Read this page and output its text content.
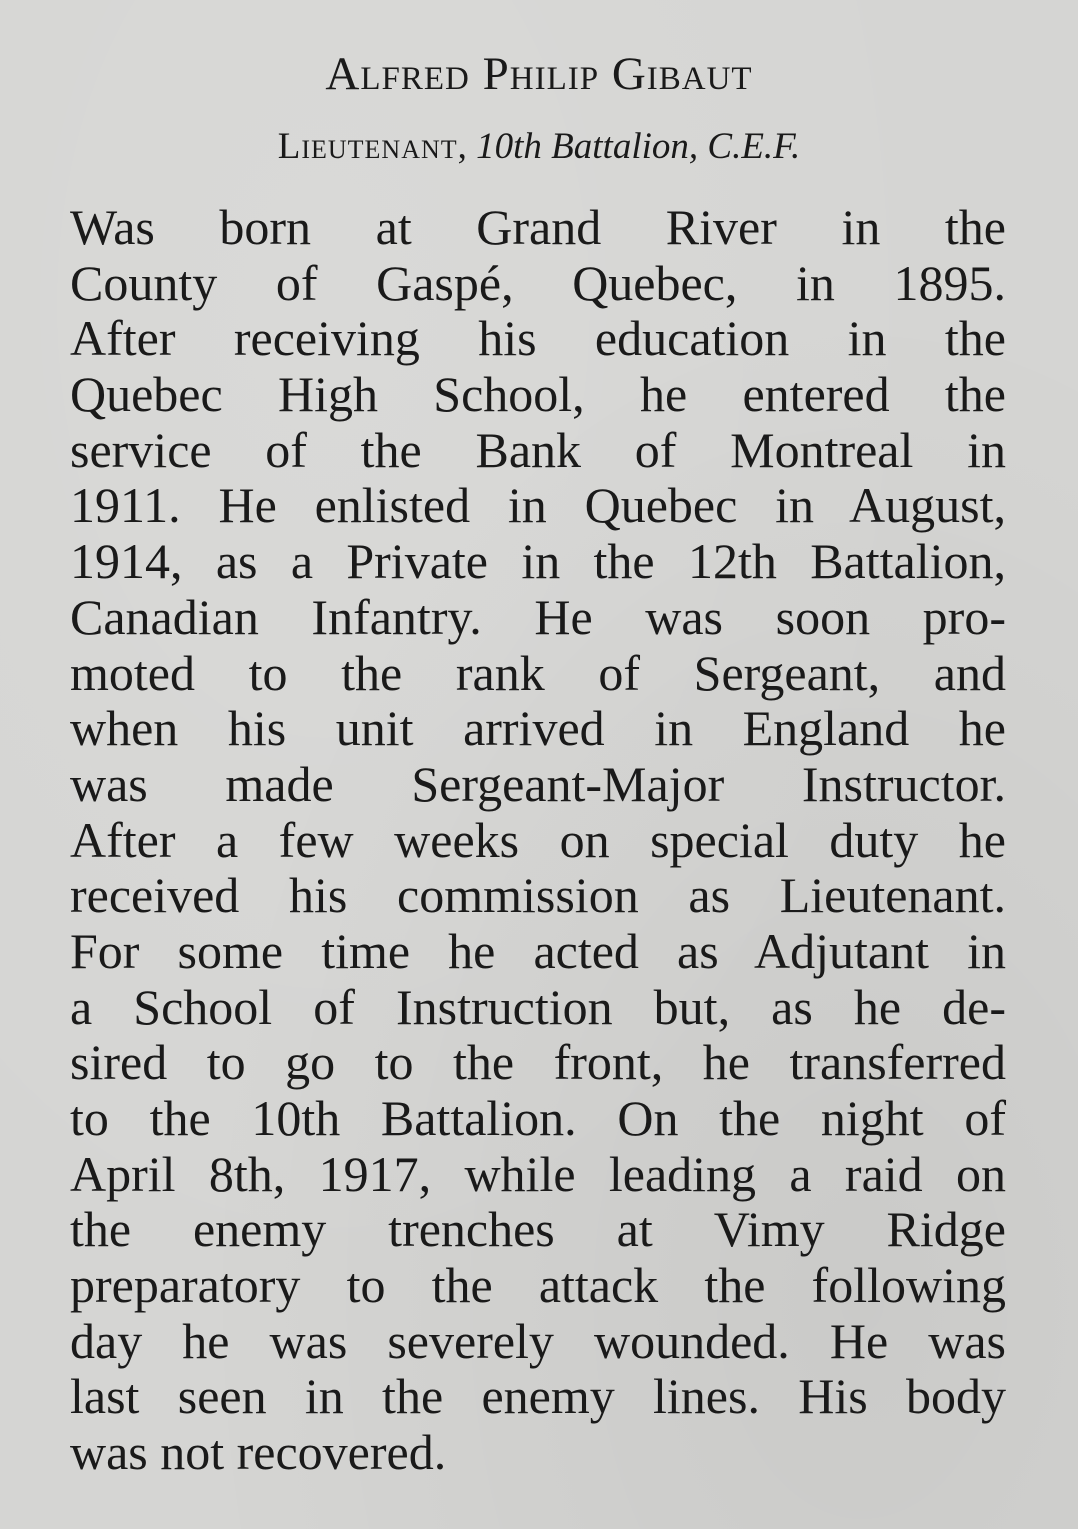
Alfred Philip Gibaut
Lieutenant, 10th Battalion, C.E.F.
Was born at Grand River in the
County of Gaspé, Quebec, in 1895.
After receiving his education in the
Quebec High School, he entered the
service of the Bank of Montreal in
1911. He enlisted in Quebec in August,
1914, as a Private in the 12th Battalion,
Canadian Infantry. He was soon pro-
moted to the rank of Sergeant, and
when his unit arrived in England he
was made Sergeant-Major Instructor.
After a few weeks on special duty he
received his commission as Lieutenant.
For some time he acted as Adjutant in
a School of Instruction but, as he de-
sired to go to the front, he transferred
to the 10th Battalion. On the night of
April 8th, 1917, while leading a raid on
the enemy trenches at Vimy Ridge
preparatory to the attack the following
day he was severely wounded. He was
last seen in the enemy lines. His body
was not recovered.
